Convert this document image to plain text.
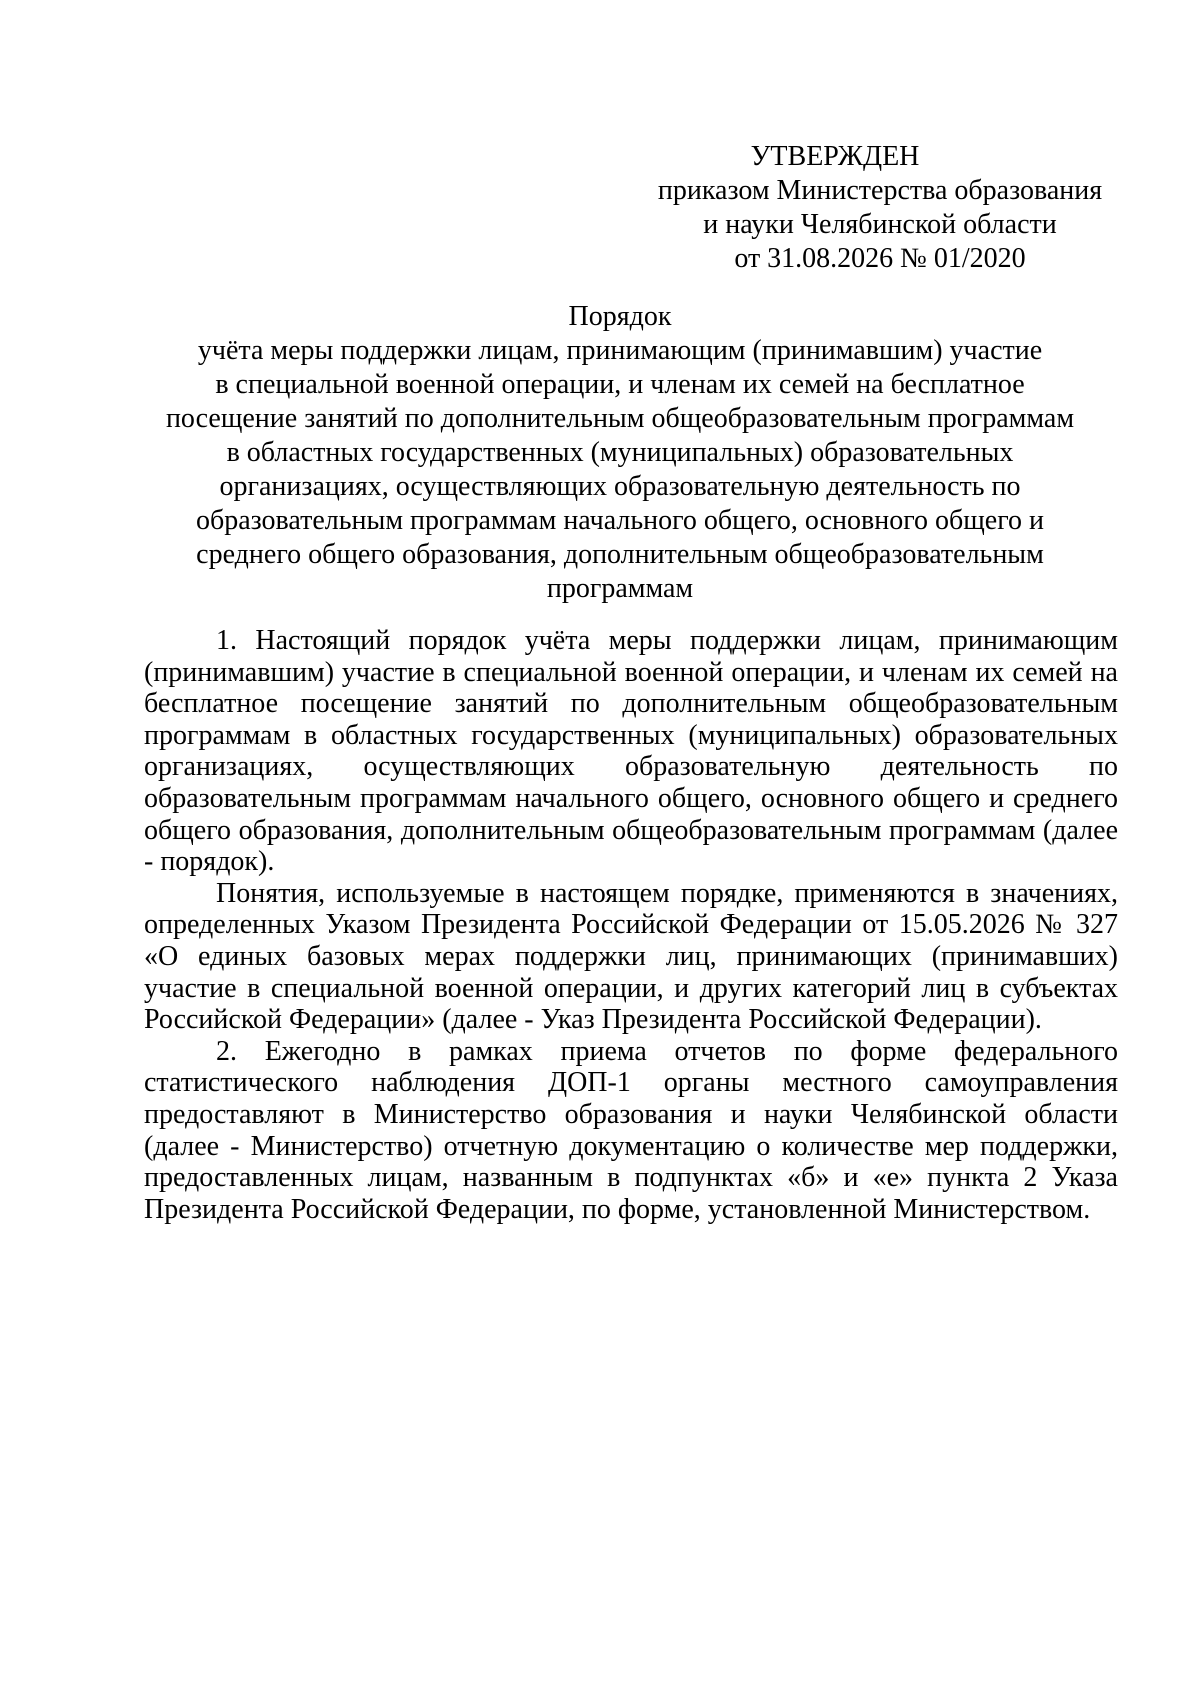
УТВЕРЖДЕН
приказом Министерства образования
и науки Челябинской области
от 31.08.2026 № 01/2020
Порядок
учёта меры поддержки лицам, принимающим (принимавшим) участие
в специальной военной операции, и членам их семей на бесплатное
посещение занятий по дополнительным общеобразовательным программам
в областных государственных (муниципальных) образовательных
организациях, осуществляющих образовательную деятельность по
образовательным программам начального общего, основного общего и
среднего общего образования, дополнительным общеобразовательным
программам

1. Настоящий порядок учёта меры поддержки лицам, принимающим (принимавшим) участие в специальной военной операции, и членам их семей на бесплатное посещение занятий по дополнительным общеобразовательным программам в областных государственных (муниципальных) образовательных организациях, осуществляющих образовательную деятельность по образовательным программам начального общего, основного общего и среднего общего образования, дополнительным общеобразовательным программам (далее - порядок).

Понятия, используемые в настоящем порядке, применяются в значениях, определенных Указом Президента Российской Федерации от 15.05.2026 № 327 «О единых базовых мерах поддержки лиц, принимающих (принимавших) участие в специальной военной операции, и других категорий лиц в субъектах Российской Федерации» (далее - Указ Президента Российской Федерации).

2. Ежегодно в рамках приема отчетов по форме федерального статистического наблюдения ДОП-1 органы местного самоуправления предоставляют в Министерство образования и науки Челябинской области (далее - Министерство) отчетную документацию о количестве мер поддержки, предоставленных лицам, названным в подпунктах «б» и «е» пункта 2 Указа Президента Российской Федерации, по форме, установленной Министерством.
